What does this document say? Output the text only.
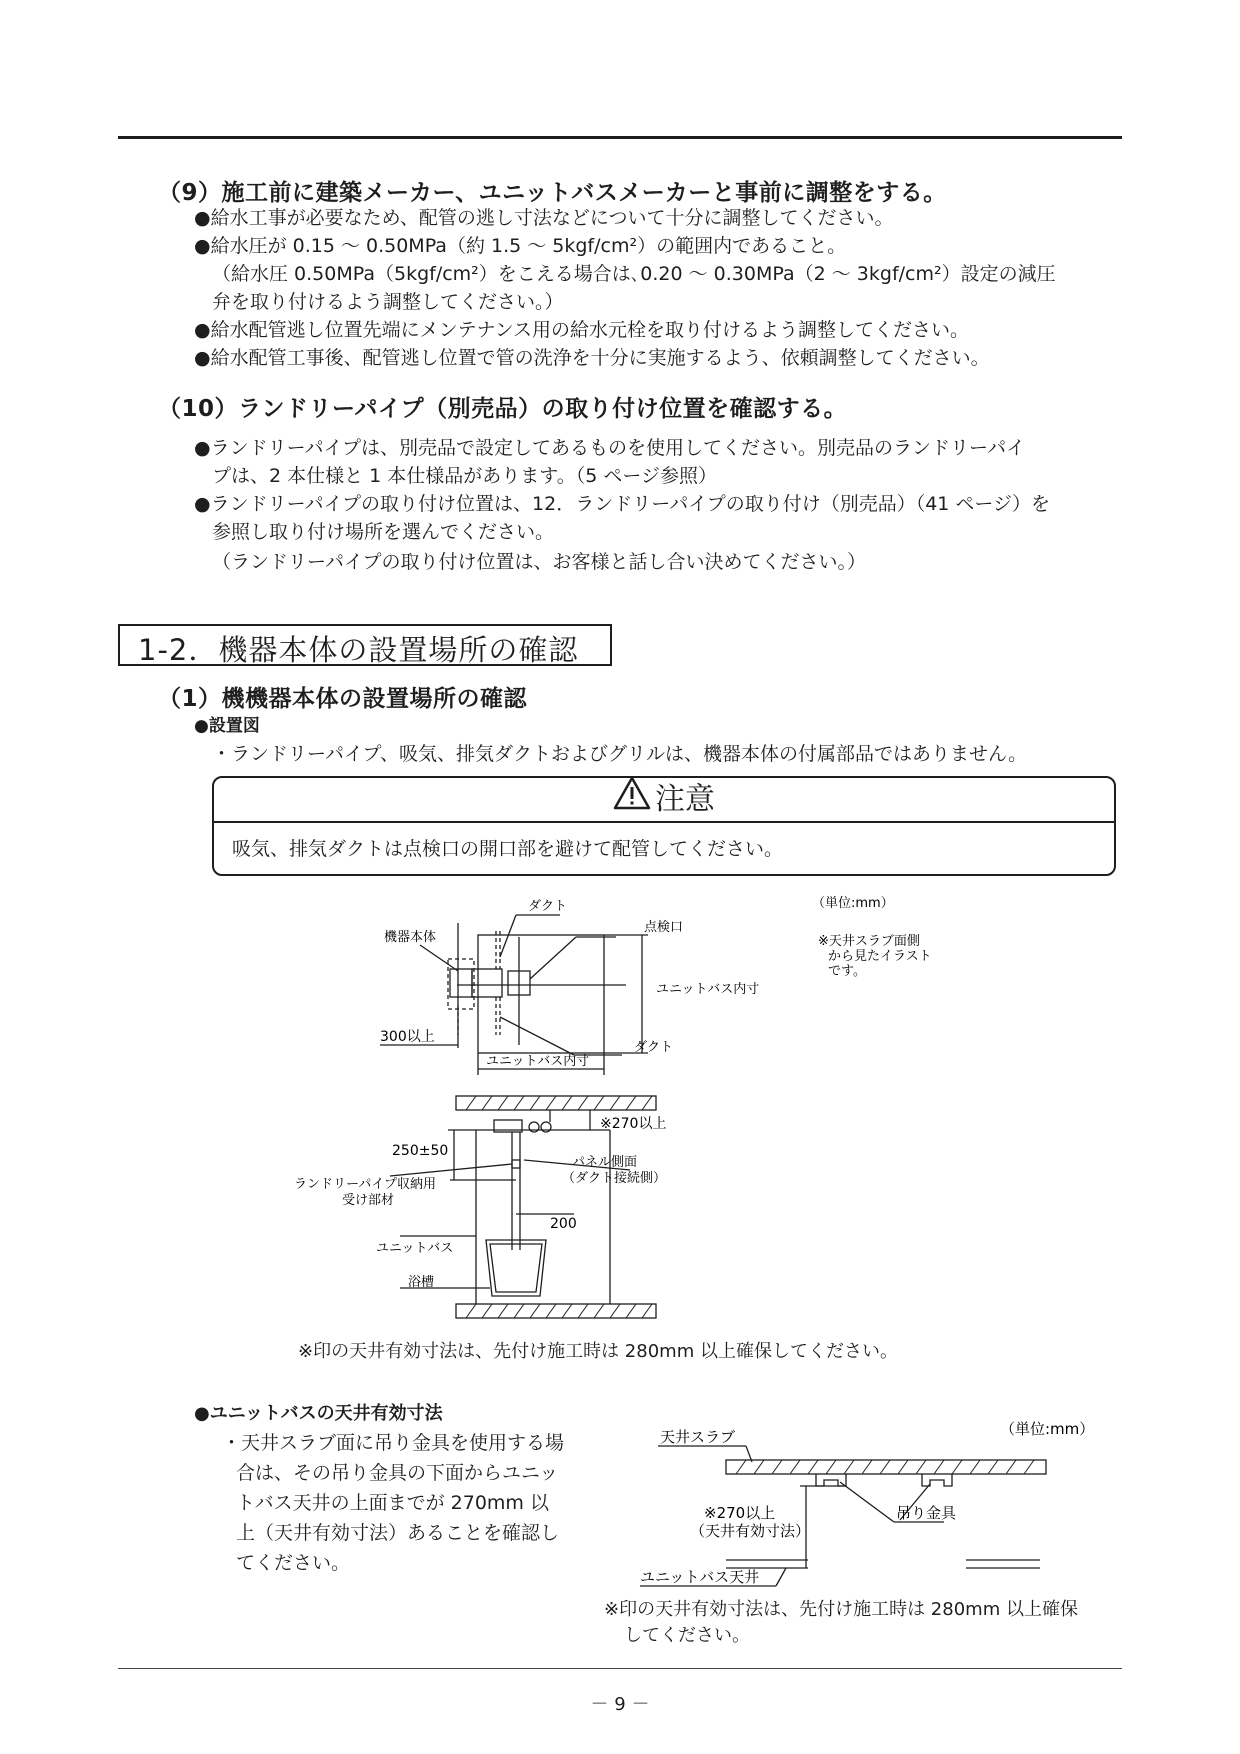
（9）施工前に建築メーカー、ユニットバスメーカーと事前に調整をする。
●給水工事が必要なため、配管の逃し寸法などについて十分に調整してください。
●給水圧が 0.15 ～ 0.50MPa（約 1.5 ～ 5kgf/cm²）の範囲内であること。
（給水圧 0.50MPa（5kgf/cm²）をこえる場合は､0.20 ～ 0.30MPa（2 ～ 3kgf/cm²）設定の減圧
弁を取り付けるよう調整してください。）
●給水配管逃し位置先端にメンテナンス用の給水元栓を取り付けるよう調整してください。
●給水配管工事後、配管逃し位置で管の洗浄を十分に実施するよう、依頼調整してください。
（10）ランドリーパイプ（別売品）の取り付け位置を確認する。
●ランドリーパイプは、別売品で設定してあるものを使用してください。別売品のランドリーパイ
プは、2 本仕様と 1 本仕様品があります。（5 ページ参照）
●ランドリーパイプの取り付け位置は、12．ランドリーパイプの取り付け（別売品）（41 ページ）を
参照し取り付け場所を選んでください。
（ランドリーパイプの取り付け位置は、お客様と話し合い決めてください。）
1-2．機器本体の設置場所の確認
（1）機機器本体の設置場所の確認
●設置図
・ランドリーパイプ、吸気、排気ダクトおよびグリルは、機器本体の付属部品ではありません。
注意
吸気、排気ダクトは点検口の開口部を避けて配管してください。
ダクト
点検口
機器本体
ユニットバス内寸
300以上
ユニットバス内寸
ダクト
（単位:mm）
※天井スラブ面側
から見たイラスト
です。
※270以上
250±50
パネル側面
（ダクト接続側）
ランドリーパイプ収納用
受け部材
200
ユニットバス
浴槽
※印の天井有効寸法は、先付け施工時は 280mm 以上確保してください。
●ユニットバスの天井有効寸法
・天井スラブ面に吊り金具を使用する場
合は、その吊り金具の下面からユニッ
トバス天井の上面までが 270mm 以
上（天井有効寸法）あることを確認し
てください。
天井スラブ	（単位:mm）
※270以上
（天井有効寸法）
吊り金具
ユニットバス天井
※印の天井有効寸法は、先付け施工時は 280mm 以上確保
してください。
－ 9 －
